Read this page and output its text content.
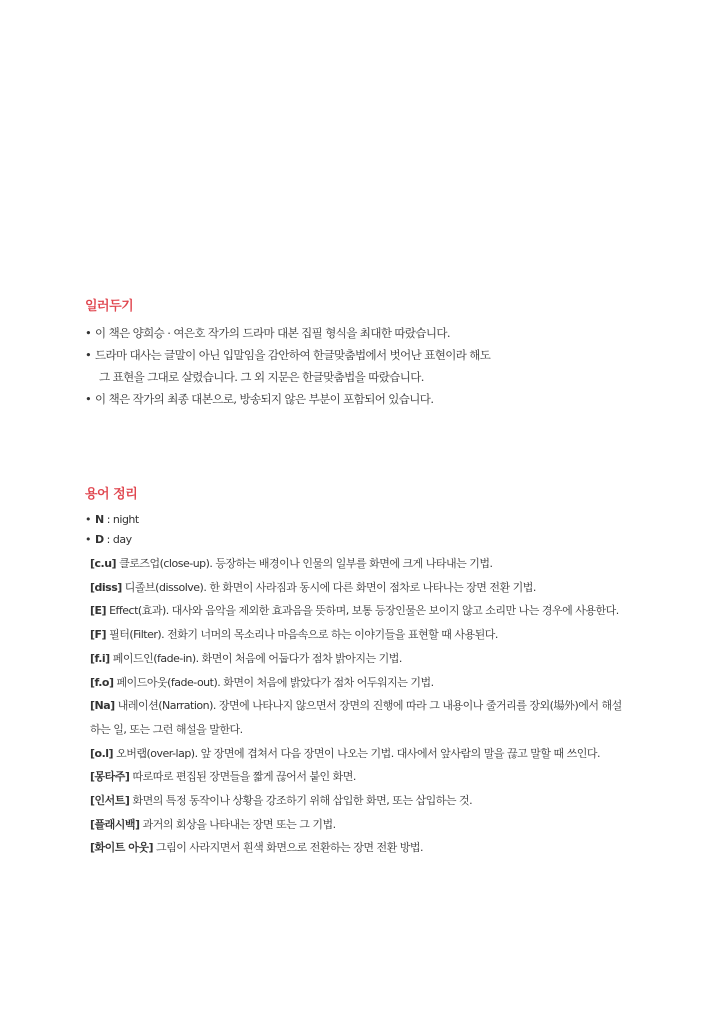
일러두기
• 이 책은 양희승 · 여은호 작가의 드라마 대본 집필 형식을 최대한 따랐습니다.
• 드라마 대사는 글말이 아닌 입말임을 감안하여 한글맞춤법에서 벗어난 표현이라 해도
그 표현을 그대로 살렸습니다. 그 외 지문은 한글맞춤법을 따랐습니다.
• 이 책은 작가의 최종 대본으로, 방송되지 않은 부분이 포함되어 있습니다.
용어 정리
• N : night
• D : day
[c.u] 클로즈업(close-up). 등장하는 배경이나 인물의 일부를 화면에 크게 나타내는 기법.
[diss] 디졸브(dissolve). 한 화면이 사라짐과 동시에 다른 화면이 점차로 나타나는 장면 전환 기법.
[E] Effect(효과). 대사와 음악을 제외한 효과음을 뜻하며, 보통 등장인물은 보이지 않고 소리만 나는 경우에 사용한다.
[F] 필터(Filter). 전화기 너머의 목소리나 마음속으로 하는 이야기들을 표현할 때 사용된다.
[f.i] 페이드인(fade-in). 화면이 처음에 어둡다가 점차 밝아지는 기법.
[f.o] 페이드아웃(fade-out). 화면이 처음에 밝았다가 점차 어두워지는 기법.
[Na] 내레이션(Narration). 장면에 나타나지 않으면서 장면의 진행에 따라 그 내용이나 줄거리를 장외(場外)에서 해설하는 일, 또는 그런 해설을 말한다.
[o.l] 오버랩(over-lap). 앞 장면에 겹쳐서 다음 장면이 나오는 기법. 대사에서 앞사람의 말을 끊고 말할 때 쓰인다.
[몽타주] 따로따로 편집된 장면들을 짧게 끊어서 붙인 화면.
[인서트] 화면의 특정 동작이나 상황을 강조하기 위해 삽입한 화면, 또는 삽입하는 것.
[플래시백] 과거의 회상을 나타내는 장면 또는 그 기법.
[화이트 아웃] 그림이 사라지면서 흰색 화면으로 전환하는 장면 전환 방법.
